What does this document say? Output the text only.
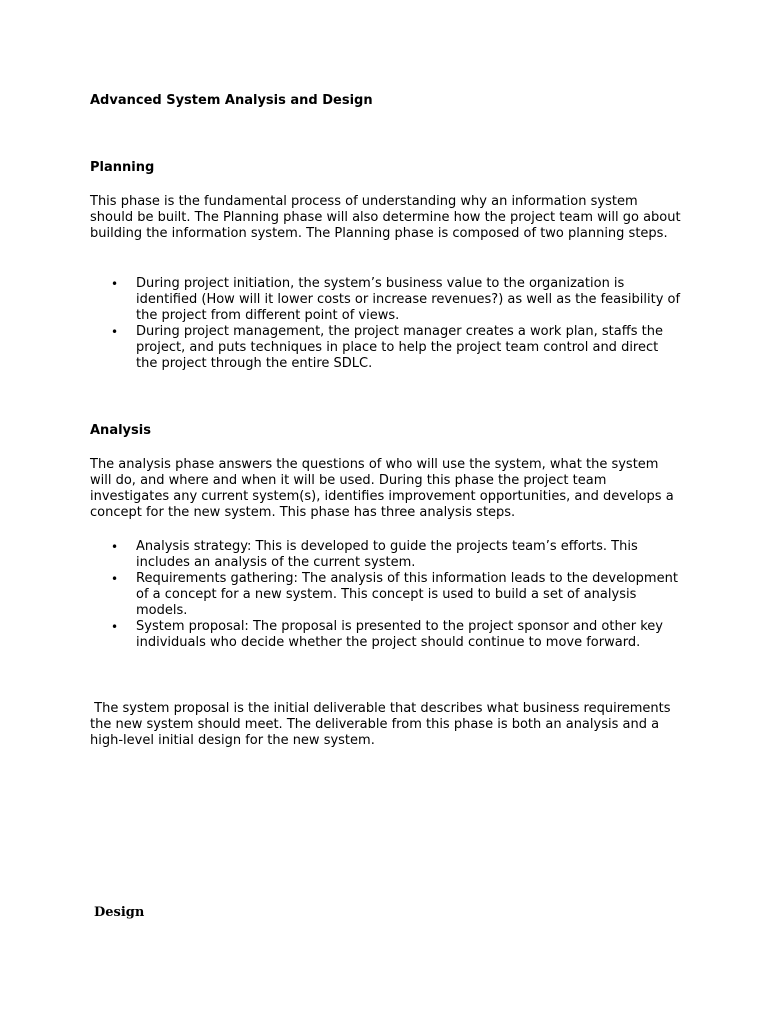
Advanced System Analysis and Design

Planning

This phase is the fundamental process of understanding why an information system should be built. The Planning phase will also determine how the project team will go about building the information system. The Planning phase is composed of two planning steps.

• During project initiation, the system’s business value to the organization is identified (How will it lower costs or increase revenues?) as well as the feasibility of the project from different point of views.
• During project management, the project manager creates a work plan, staffs the project, and puts techniques in place to help the project team control and direct the project through the entire SDLC.

Analysis

The analysis phase answers the questions of who will use the system, what the system will do, and where and when it will be used. During this phase the project team investigates any current system(s), identifies improvement opportunities, and develops a concept for the new system. This phase has three analysis steps.

• Analysis strategy: This is developed to guide the projects team’s efforts. This includes an analysis of the current system.
• Requirements gathering: The analysis of this information leads to the development of a concept for a new system. This concept is used to build a set of analysis models.
• System proposal: The proposal is presented to the project sponsor and other key individuals who decide whether the project should continue to move forward.

The system proposal is the initial deliverable that describes what business requirements the new system should meet. The deliverable from this phase is both an analysis and a high-level initial design for the new system.

Design
